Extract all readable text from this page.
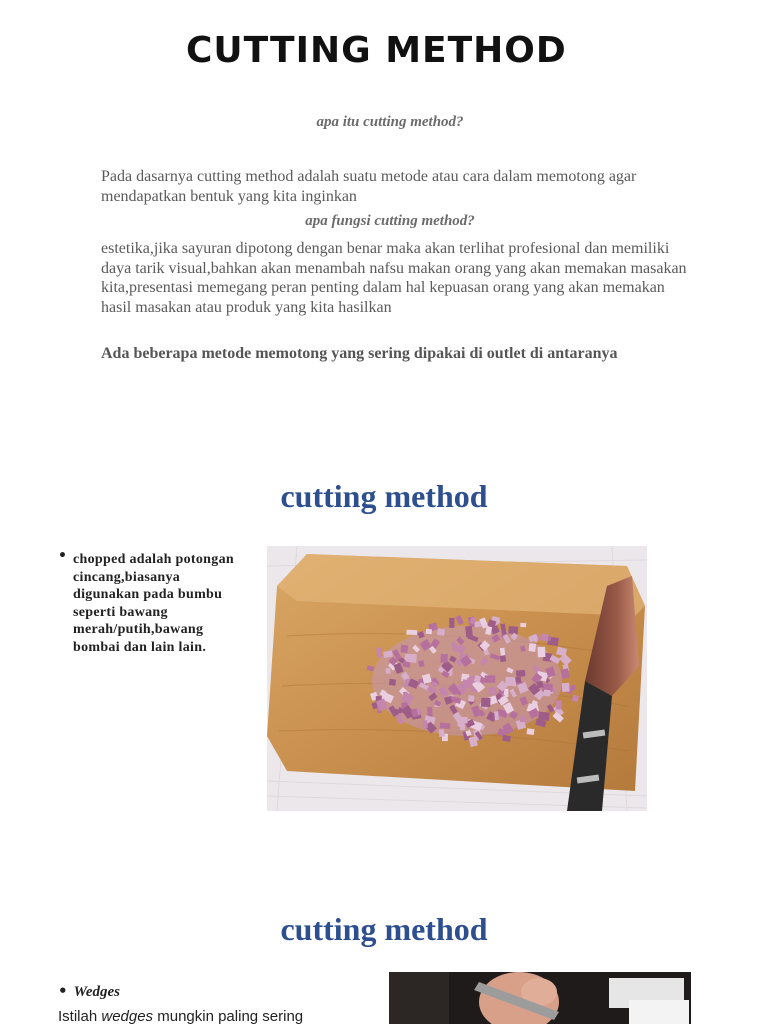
CUTTING METHOD
apa itu cutting method?
Pada dasarnya cutting method adalah suatu metode atau cara dalam memotong agar mendapatkan bentuk yang kita inginkan
apa fungsi cutting method?
estetika,jika sayuran dipotong dengan benar maka akan terlihat profesional dan memiliki daya tarik visual,bahkan akan menambah nafsu makan orang yang akan memakan masakan kita,presentasi memegang peran penting dalam hal kepuasan orang yang akan memakan hasil masakan atau produk yang kita hasilkan
Ada beberapa metode memotong yang sering dipakai di outlet di antaranya
cutting method
• chopped adalah potongan cincang,biasanya digunakan pada bumbu seperti bawang merah/putih,bawang bombai dan lain lain.
cutting method
• Wedges
Istilah wedges mungkin paling sering
